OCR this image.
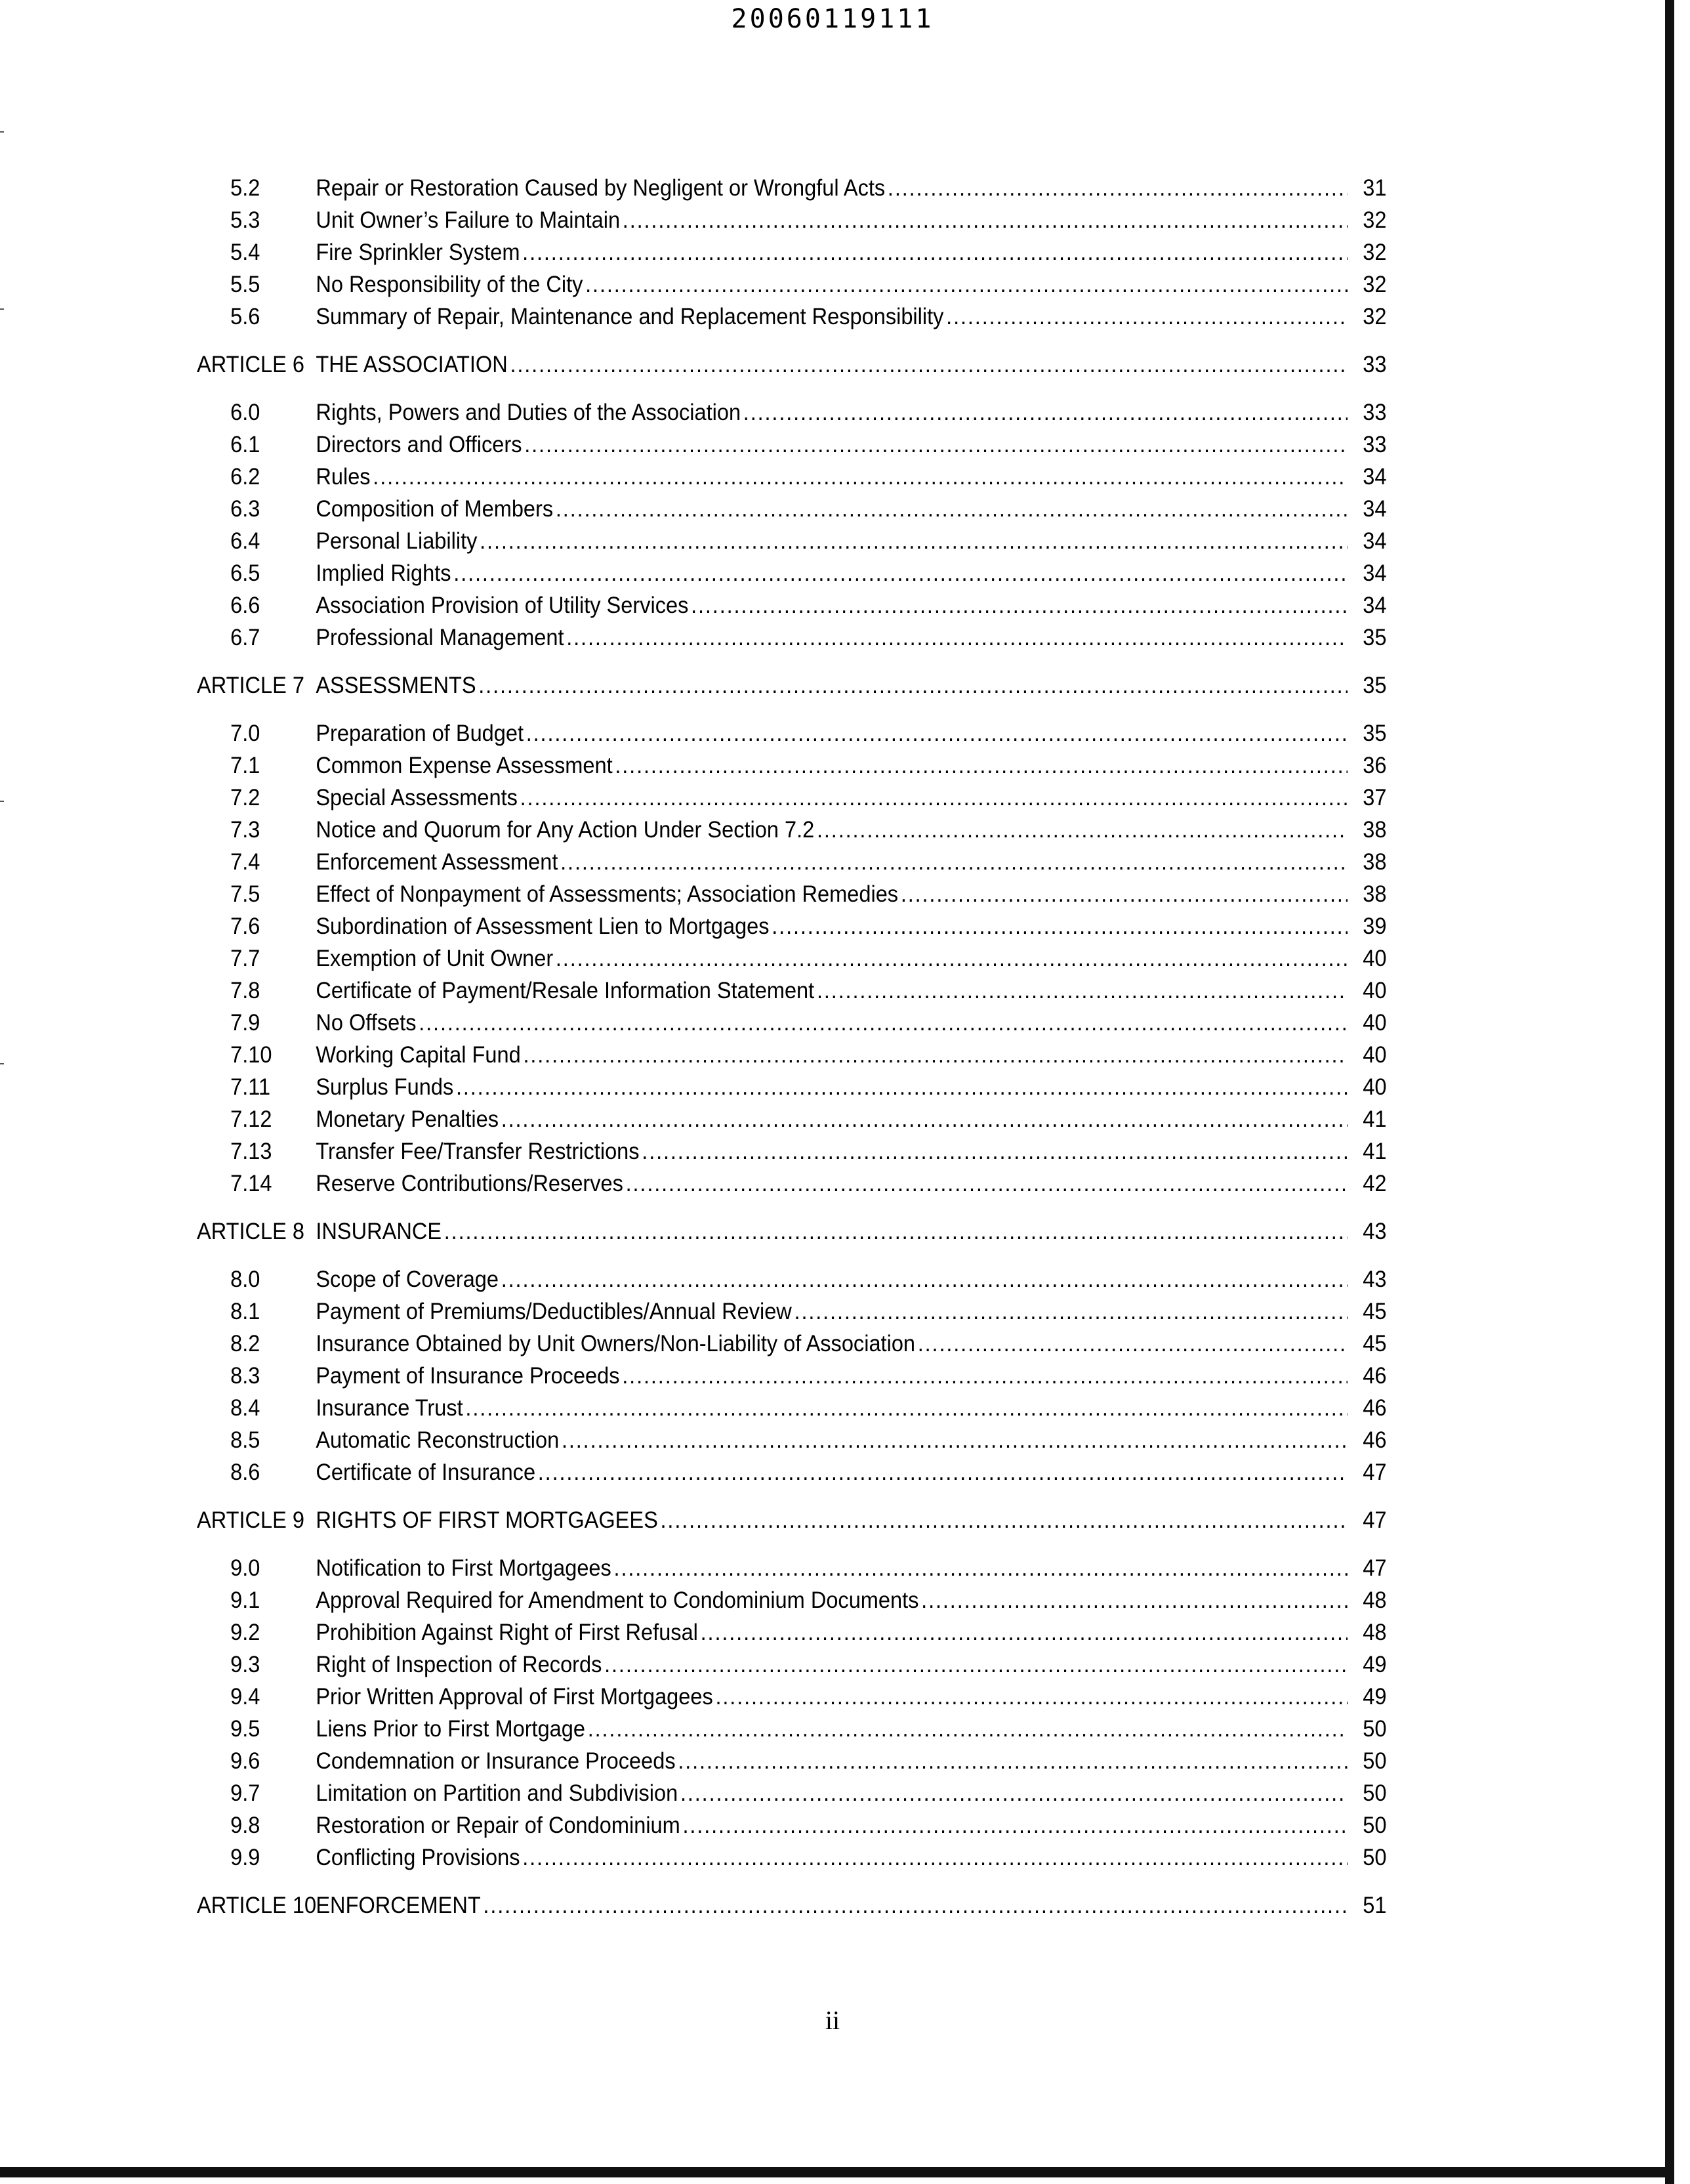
20060119111
5.2	Repair or Restoration Caused by Negligent or Wrongful Acts .....	31
5.3	Unit Owner’s Failure to Maintain .....	32
5.4	Fire Sprinkler System .....	32
5.5	No Responsibility of the City .....	32
5.6	Summary of Repair, Maintenance and Replacement Responsibility .....	32
ARTICLE 6 THE ASSOCIATION .....	33
6.0	Rights, Powers and Duties of the Association .....	33
6.1	Directors and Officers .....	33
6.2	Rules .....	34
6.3	Composition of Members .....	34
6.4	Personal Liability .....	34
6.5	Implied Rights .....	34
6.6	Association Provision of Utility Services .....	34
6.7	Professional Management .....	35
ARTICLE 7 ASSESSMENTS .....	35
7.0	Preparation of Budget .....	35
7.1	Common Expense Assessment .....	36
7.2	Special Assessments .....	37
7.3	Notice and Quorum for Any Action Under Section 7.2 .....	38
7.4	Enforcement Assessment .....	38
7.5	Effect of Nonpayment of Assessments; Association Remedies .....	38
7.6	Subordination of Assessment Lien to Mortgages .....	39
7.7	Exemption of Unit Owner .....	40
7.8	Certificate of Payment/Resale Information Statement .....	40
7.9	No Offsets .....	40
7.10	Working Capital Fund .....	40
7.11	Surplus Funds .....	40
7.12	Monetary Penalties .....	41
7.13	Transfer Fee/Transfer Restrictions .....	41
7.14	Reserve Contributions/Reserves .....	42
ARTICLE 8 INSURANCE .....	43
8.0	Scope of Coverage .....	43
8.1	Payment of Premiums/Deductibles/Annual Review .....	45
8.2	Insurance Obtained by Unit Owners/Non-Liability of Association .....	45
8.3	Payment of Insurance Proceeds .....	46
8.4	Insurance Trust .....	46
8.5	Automatic Reconstruction .....	46
8.6	Certificate of Insurance .....	47
ARTICLE 9 RIGHTS OF FIRST MORTGAGEES .....	47
9.0	Notification to First Mortgagees .....	47
9.1	Approval Required for Amendment to Condominium Documents .....	48
9.2	Prohibition Against Right of First Refusal .....	48
9.3	Right of Inspection of Records .....	49
9.4	Prior Written Approval of First Mortgagees .....	49
9.5	Liens Prior to First Mortgage .....	50
9.6	Condemnation or Insurance Proceeds .....	50
9.7	Limitation on Partition and Subdivision .....	50
9.8	Restoration or Repair of Condominium .....	50
9.9	Conflicting Provisions .....	50
ARTICLE 10 ENFORCEMENT .....	51
ii
